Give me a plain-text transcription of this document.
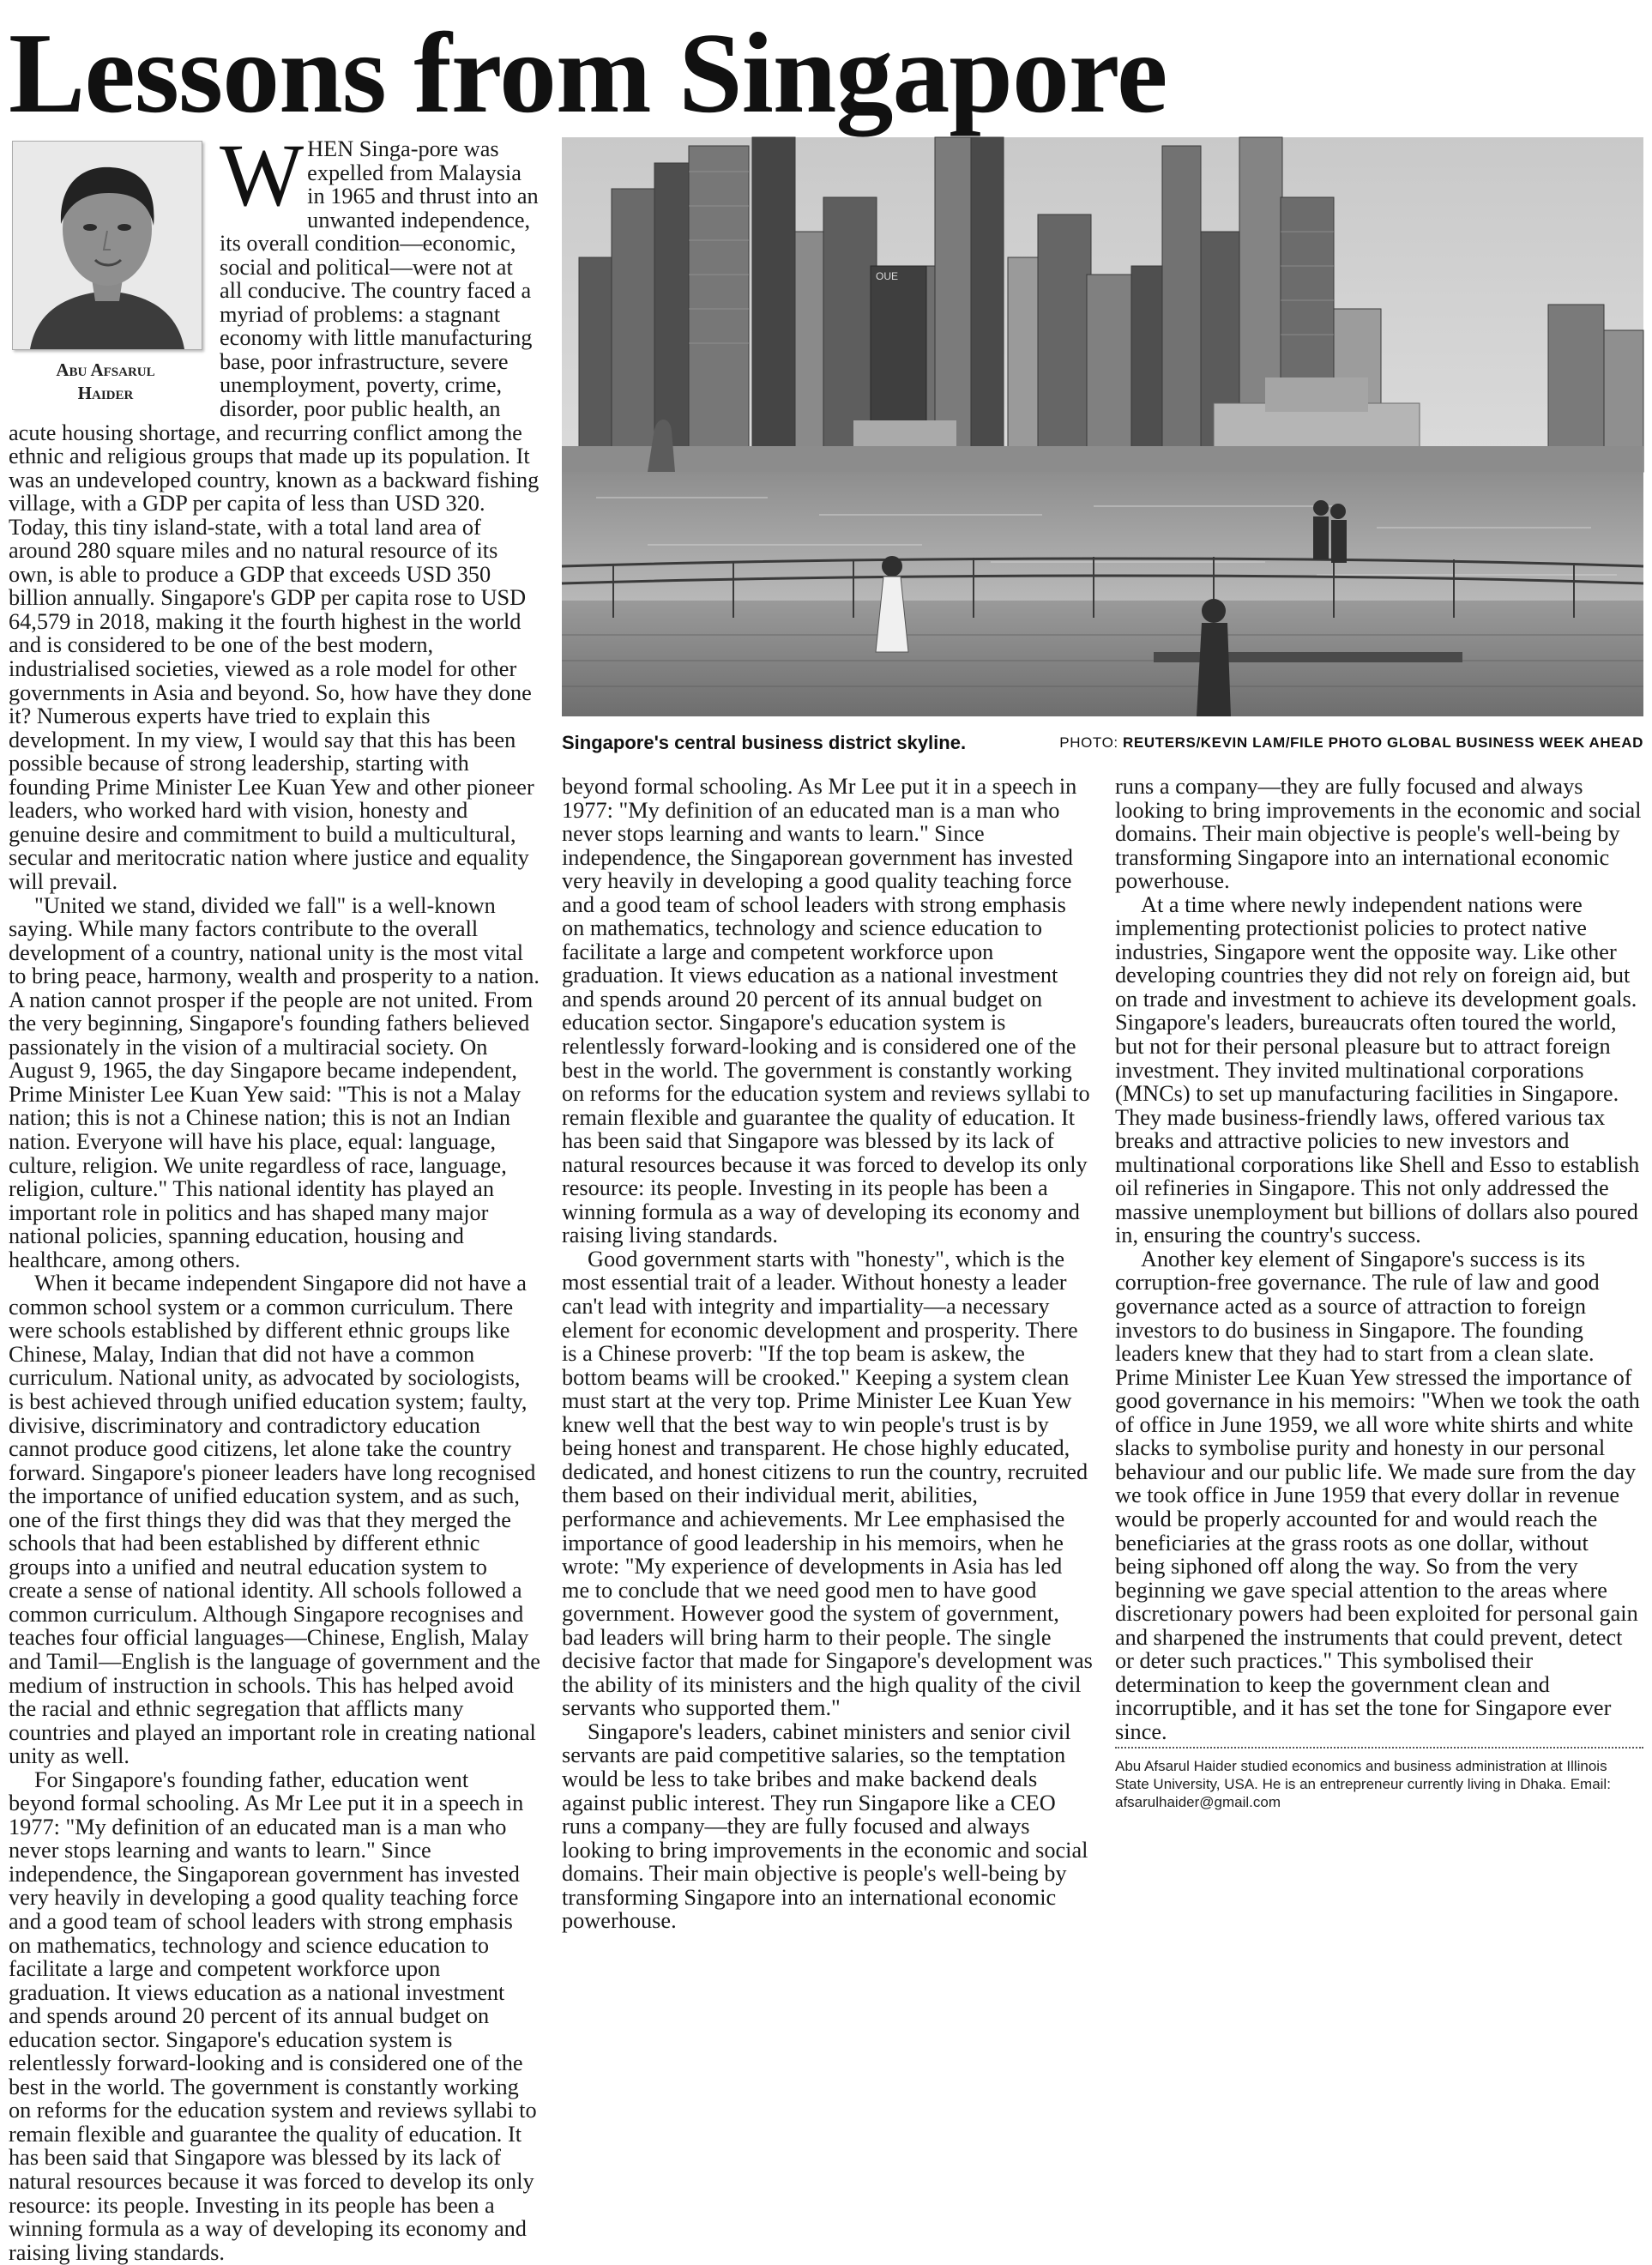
Lessons from Singapore
Abu Afsarul
Haider

WHEN Singa-pore was expelled from Malaysia in 1965 and thrust into an unwanted independence, its overall condition—economic, social and political—were not at all conducive. The country faced a myriad of problems: a stagnant economy with little manufacturing base, poor infrastructure, severe unemployment, poverty, crime, disorder, poor public health, an acute housing shortage, and recurring conflict among the ethnic and religious groups that made up its population. It was an undeveloped country, known as a backward fishing village, with a GDP per capita of less than USD 320. Today, this tiny island-state, with a total land area of around 280 square miles and no natural resource of its own, is able to produce a GDP that exceeds USD 350 billion annually. Singapore's GDP per capita rose to USD 64,579 in 2018, making it the fourth highest in the world and is considered to be one of the best modern, industrialised societies, viewed as a role model for other governments in Asia and beyond. So, how have they done it? Numerous experts have tried to explain this development. In my view, I would say that this has been possible because of strong leadership, starting with founding Prime Minister Lee Kuan Yew and other pioneer leaders, who worked hard with vision, honesty and genuine desire and commitment to build a multicultural, secular and meritocratic nation where justice and equality will prevail.

"United we stand, divided we fall" is a well-known saying. While many factors contribute to the overall development of a country, national unity is the most vital to bring peace, harmony, wealth and prosperity to a nation. A nation cannot prosper if the people are not united. From the very beginning, Singapore's founding fathers believed passionately in the vision of a multiracial society. On August 9, 1965, the day Singapore became independent, Prime Minister Lee Kuan Yew said: "This is not a Malay nation; this is not a Chinese nation; this is not an Indian nation. Everyone will have his place, equal: language, culture, religion. We unite regardless of race, language, religion, culture." This national identity has played an important role in politics and has shaped many major national policies, spanning education, housing and healthcare, among others.

When it became independent Singapore did not have a common school system or a common curriculum. There were schools established by different ethnic groups like Chinese, Malay, Indian that did not have a common curriculum. National unity, as advocated by sociologists, is best achieved through unified education system; faulty, divisive, discriminatory and contradictory education cannot produce good citizens, let alone take the country forward. Singapore's pioneer leaders have long recognised the importance of unified education system, and as such, one of the first things they did was that they merged the schools that had been established by different ethnic groups into a unified and neutral education system to create a sense of national identity. All schools followed a common curriculum. Although Singapore recognises and teaches four official languages—Chinese, English, Malay and Tamil—English is the language of government and the medium of instruction in schools. This has helped avoid the racial and ethnic segregation that afflicts many countries and played an important role in creating national unity as well.

For Singapore's founding father, education went beyond formal schooling. As Mr Lee put it in a speech in 1977: "My definition of an educated man is a man who never stops learning and wants to learn." Since independence, the Singaporean government has invested very heavily in developing a good quality teaching force and a good team of school leaders with strong emphasis on mathematics, technology and science education to facilitate a large and competent workforce upon graduation. It views education as a national investment and spends around 20 percent of its annual budget on education sector. Singapore's education system is relentlessly forward-looking and is considered one of the best in the world. The government is constantly working on reforms for the education system and reviews syllabi to remain flexible and guarantee the quality of education. It has been said that Singapore was blessed by its lack of natural resources because it was forced to develop its only resource: its people. Investing in its people has been a winning formula as a way of developing its economy and raising living standards.

OUE
Singapore's central business district skyline.	PHOTO: REUTERS/KEVIN LAM/FILE PHOTO GLOBAL BUSINESS WEEK AHEAD

beyond formal schooling. As Mr Lee put it in a speech in 1977: "My definition of an educated man is a man who never stops learning and wants to learn." Since independence, the Singaporean government has invested very heavily in developing a good quality teaching force and a good team of school leaders with strong emphasis on mathematics, technology and science education to facilitate a large and competent workforce upon graduation. It views education as a national investment and spends around 20 percent of its annual budget on education sector. Singapore's education system is relentlessly forward-looking and is considered one of the best in the world. The government is constantly working on reforms for the education system and reviews syllabi to remain flexible and guarantee the quality of education. It has been said that Singapore was blessed by its lack of natural resources because it was forced to develop its only resource: its people. Investing in its people has been a winning formula as a way of developing its economy and raising living standards.

Good government starts with "honesty", which is the most essential trait of a leader. Without honesty a leader can't lead with integrity and impartiality—a necessary element for economic development and prosperity. There is a Chinese proverb: "If the top beam is askew, the bottom beams will be crooked." Keeping a system clean must start at the very top. Prime Minister Lee Kuan Yew knew well that the best way to win people's trust is by being honest and transparent. He chose highly educated, dedicated, and honest citizens to run the country, recruited them based on their individual merit, abilities, performance and achievements. Mr Lee emphasised the importance of good leadership in his memoirs, when he wrote: "My experience of developments in Asia has led me to conclude that we need good men to have good government. However good the system of government, bad leaders will bring harm to their people. The single decisive factor that made for Singapore's development was the ability of its ministers and the high quality of the civil servants who supported them."

Singapore's leaders, cabinet ministers and senior civil servants are paid competitive salaries, so the temptation would be less to take bribes and make backend deals against public interest. They run Singapore like a CEO runs a company—they are fully focused and always looking to bring improvements in the economic and social domains. Their main objective is people's well-being by transforming Singapore into an international economic powerhouse.

runs a company—they are fully focused and always looking to bring improvements in the economic and social domains. Their main objective is people's well-being by transforming Singapore into an international economic powerhouse.

At a time where newly independent nations were implementing protectionist policies to protect native industries, Singapore went the opposite way. Like other developing countries they did not rely on foreign aid, but on trade and investment to achieve its development goals. Singapore's leaders, bureaucrats often toured the world, but not for their personal pleasure but to attract foreign investment. They invited multinational corporations (MNCs) to set up manufacturing facilities in Singapore. They made business-friendly laws, offered various tax breaks and attractive policies to new investors and multinational corporations like Shell and Esso to establish oil refineries in Singapore. This not only addressed the massive unemployment but billions of dollars also poured in, ensuring the country's success.

Another key element of Singapore's success is its corruption-free governance. The rule of law and good governance acted as a source of attraction to foreign investors to do business in Singapore. The founding leaders knew that they had to start from a clean slate. Prime Minister Lee Kuan Yew stressed the importance of good governance in his memoirs: "When we took the oath of office in June 1959, we all wore white shirts and white slacks to symbolise purity and honesty in our personal behaviour and our public life. We made sure from the day we took office in June 1959 that every dollar in revenue would be properly accounted for and would reach the beneficiaries at the grass roots as one dollar, without being siphoned off along the way. So from the very beginning we gave special attention to the areas where discretionary powers had been exploited for personal gain and sharpened the instruments that could prevent, detect or deter such practices." This symbolised their determination to keep the government clean and incorruptible, and it has set the tone for Singapore ever since.

Abu Afsarul Haider studied economics and business administration at Illinois State University, USA. He is an entrepreneur currently living in Dhaka. Email: afsarulhaider@gmail.com
